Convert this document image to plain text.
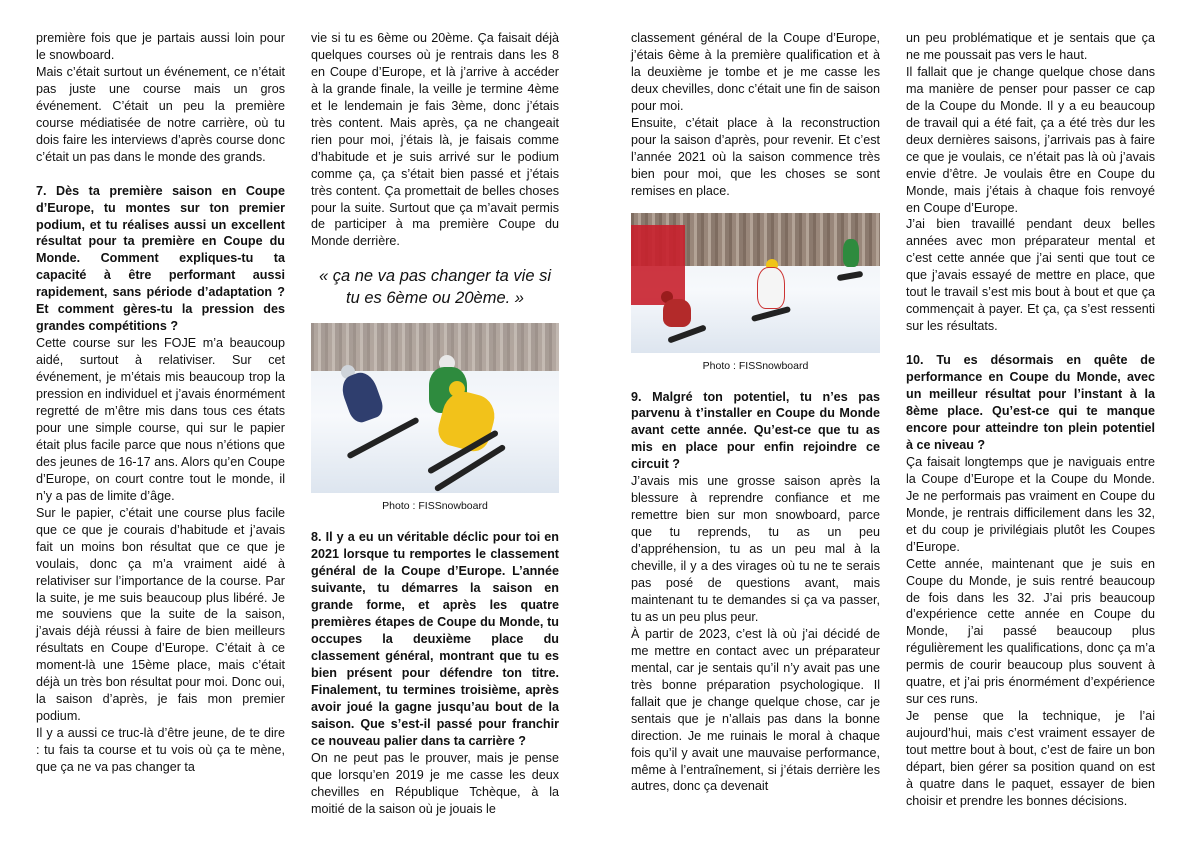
première fois que je partais aussi loin pour le snowboard.

Mais c’était surtout un événement, ce n’était pas juste une course mais un gros événement. C’était un peu la première course médiatisée de notre carrière, où tu dois faire les interviews d’après course donc c’était un pas dans le monde des grands.

7. Dès ta première saison en Coupe d’Europe, tu montes sur ton premier podium, et tu réalises aussi un excellent résultat pour ta première en Coupe du Monde. Comment expliques-tu ta capacité à être performant aussi rapidement, sans période d’adaptation ? Et comment gères-tu la pression des grandes compétitions ?

Cette course sur les FOJE m’a beaucoup aidé, surtout à relativiser. Sur cet événement, je m’étais mis beaucoup trop la pression en individuel et j’avais énormément regretté de m’être mis dans tous ces états pour une simple course, qui sur le papier était plus facile parce que nous n’étions que des jeunes de 16-17 ans. Alors qu’en Coupe d’Europe, on court contre tout le monde, il n’y a pas de limite d’âge.

Sur le papier, c’était une course plus facile que ce que je courais d’habitude et j’avais fait un moins bon résultat que ce que je voulais, donc ça m’a vraiment aidé à relativiser sur l’importance de la course. Par la suite, je me suis beaucoup plus libéré. Je me souviens que la suite de la saison, j’avais déjà réussi à faire de bien meilleurs résultats en Coupe d’Europe. C’était à ce moment-là une 15ème place, mais c’était déjà un très bon résultat pour moi. Donc oui, la saison d’après, je fais mon premier podium.

Il y a aussi ce truc-là d’être jeune, de te dire : tu fais ta course et tu vois où ça te mène, que ça ne va pas changer ta

vie si tu es 6ème ou 20ème. Ça faisait déjà quelques courses où je rentrais dans les 8 en Coupe d’Europe, et là j’arrive à accéder à la grande finale, la veille je termine 4ème et le lendemain je fais 3ème, donc j’étais très content. Mais après, ça ne changeait rien pour moi, j’étais là, je faisais comme d’habitude et je suis arrivé sur le podium comme ça, ça s’était bien passé et j’étais très content. Ça promettait de belles choses pour la suite. Surtout que ça m’avait permis de participer à ma première Coupe du Monde derrière.

« ça ne va pas changer ta vie si tu es 6ème ou 20ème. »

Photo : FISSnowboard

8. Il y a eu un véritable déclic pour toi en 2021 lorsque tu remportes le classement général de la Coupe d’Europe. L’année suivante, tu démarres la saison en grande forme, et après les quatre premières étapes de Coupe du Monde, tu occupes la deuxième place du classement général, montrant que tu es bien présent pour défendre ton titre. Finalement, tu termines troisième, après avoir joué la gagne jusqu’au bout de la saison. Que s’est-il passé pour franchir ce nouveau palier dans ta carrière ?

On ne peut pas le prouver, mais je pense que lorsqu’en 2019 je me casse les deux chevilles en République Tchèque, à la moitié de la saison où je jouais le

classement général de la Coupe d’Europe, j’étais 6ème à la première qualification et à la deuxième je tombe et je me casse les deux chevilles, donc c’était une fin de saison pour moi.

Ensuite, c’était place à la reconstruction pour la saison d’après, pour revenir. Et c’est l’année 2021 où la saison commence très bien pour moi, que les choses se sont remises en place.

Photo : FISSnowboard

9. Malgré ton potentiel, tu n’es pas parvenu à t’installer en Coupe du Monde avant cette année. Qu’est-ce que tu as mis en place pour enfin rejoindre ce circuit ?

J’avais mis une grosse saison après la blessure à reprendre confiance et me remettre bien sur mon snowboard, parce que tu reprends, tu as un peu d’appréhension, tu as un peu mal à la cheville, il y a des virages où tu ne te serais pas posé de questions avant, mais maintenant tu te demandes si ça va passer, tu as un peu plus peur.

À partir de 2023, c’est là où j’ai décidé de me mettre en contact avec un préparateur mental, car je sentais qu’il n’y avait pas une très bonne préparation psychologique. Il fallait que je change quelque chose, car je sentais que je n’allais pas dans la bonne direction. Je me ruinais le moral à chaque fois qu’il y avait une mauvaise performance, même à l’entraînement, si j’étais derrière les autres, donc ça devenait

un peu problématique et je sentais que ça ne me poussait pas vers le haut.

Il fallait que je change quelque chose dans ma manière de penser pour passer ce cap de la Coupe du Monde. Il y a eu beaucoup de travail qui a été fait, ça a été très dur les deux dernières saisons, j’arrivais pas à faire ce que je voulais, ce n’était pas là où j’avais envie d’être. Je voulais être en Coupe du Monde, mais j’étais à chaque fois renvoyé en Coupe d’Europe.

J’ai bien travaillé pendant deux belles années avec mon préparateur mental et c’est cette année que j’ai senti que tout ce que j’avais essayé de mettre en place, que tout le travail s’est mis bout à bout et que ça commençait à payer. Et ça, ça s’est ressenti sur les résultats.

10. Tu es désormais en quête de performance en Coupe du Monde, avec un meilleur résultat pour l’instant à la 8ème place. Qu’est-ce qui te manque encore pour atteindre ton plein potentiel à ce niveau ?

Ça faisait longtemps que je naviguais entre la Coupe d’Europe et la Coupe du Monde. Je ne performais pas vraiment en Coupe du Monde, je rentrais difficilement dans les 32, et du coup je privilégiais plutôt les Coupes d’Europe.

Cette année, maintenant que je suis en Coupe du Monde, je suis rentré beaucoup de fois dans les 32. J’ai pris beaucoup d’expérience cette année en Coupe du Monde, j’ai passé beaucoup plus régulièrement les qualifications, donc ça m’a permis de courir beaucoup plus souvent à quatre, et j’ai pris énormément d’expérience sur ces runs.

Je pense que la technique, je l’ai aujourd’hui, mais c’est vraiment essayer de tout mettre bout à bout, c’est de faire un bon départ, bien gérer sa position quand on est à quatre dans le paquet, essayer de bien choisir et prendre les bonnes décisions.
